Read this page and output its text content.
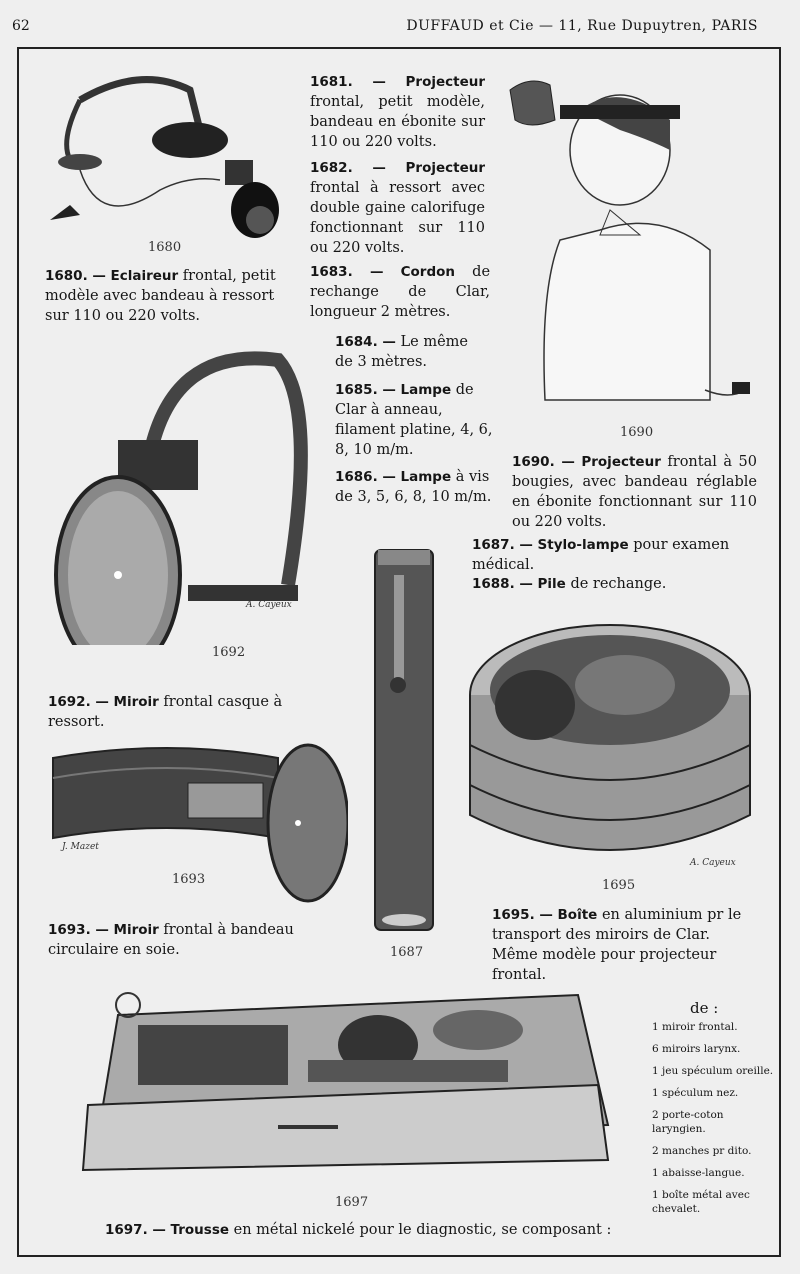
62	DUFFAUD et Cie — 11, Rue Dupuytren, PARIS
1680
1690
1692
1687
1695
A. Cayeux
1693
J. Mazet
1697
1680. — Eclaireur frontal, petit modèle avec bandeau à ressort sur 110 ou 220 volts.
1681. — Projecteur frontal, petit modèle, bandeau en ébonite sur 110 ou 220 volts.
1682. — Projecteur frontal à ressort avec double gaine calorifuge fonctionnant sur 110 ou 220 volts.
1683. — Cordon de rechange de Clar, longueur 2 mètres.
1684. — Le même de 3 mètres.
1685. — Lampe de Clar à anneau, filament platine, 4, 6, 8, 10 m/m.
1686. — Lampe à vis de 3, 5, 6, 8, 10 m/m.
1690. — Projecteur frontal à 50 bougies, avec bandeau réglable en ébonite fonctionnant sur 110 ou 220 volts.
1687. — Stylo-lampe pour examen médical.
1688. — Pile de rechange.
1692. — Miroir frontal casque à ressort.
1693. — Miroir frontal à bandeau circulaire en soie.
1695. — Boîte en aluminium pr le transport des miroirs de Clar.
Même modèle pour projecteur frontal.
1697. — Trousse en métal nickelé pour le diagnostic, se composant :
de :
1 miroir frontal.
6 miroirs larynx.
1 jeu spéculum oreille.
1 spéculum nez.
2 porte-coton laryngien.
2 manches pr dito.
1 abaisse-langue.
1 boîte métal avec chevalet.
A. Cayeux
